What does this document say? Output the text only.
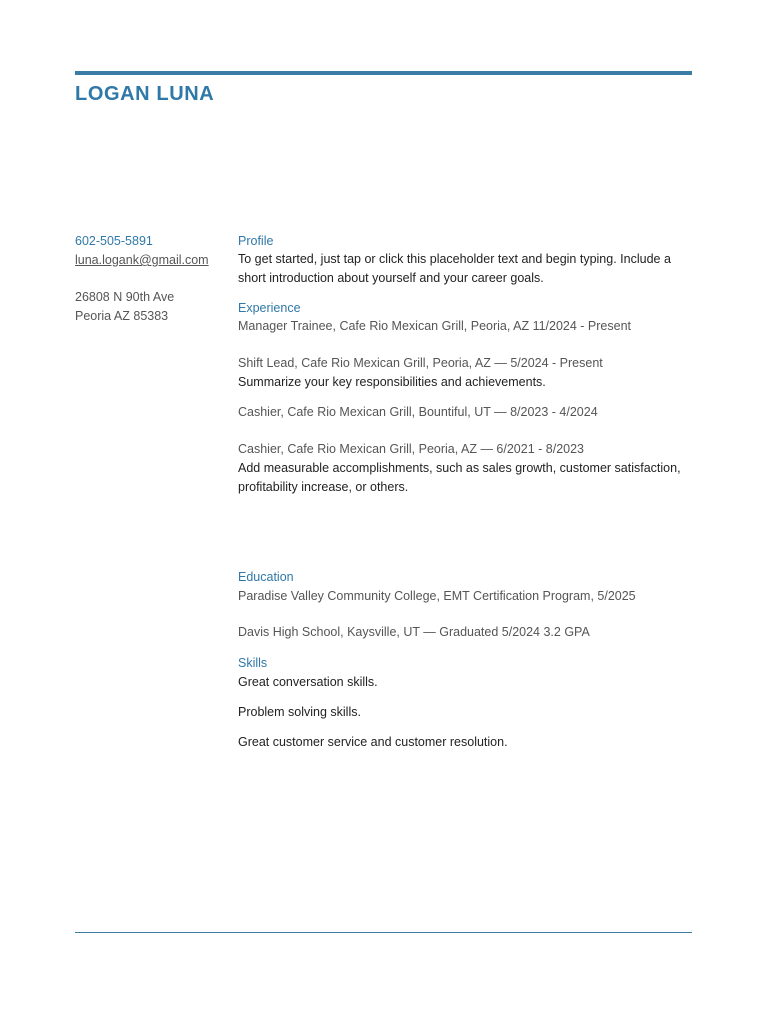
LOGAN LUNA
602-505-5891
luna.logank@gmail.com
26808 N 90th Ave
Peoria AZ 85383
Profile
To get started, just tap or click this placeholder text and begin typing. Include a short introduction about yourself and your career goals.
Experience
Manager Trainee, Cafe Rio Mexican Grill, Peoria, AZ 11/2024 - Present
Shift Lead, Cafe Rio Mexican Grill, Peoria, AZ — 5/2024 - Present
Summarize your key responsibilities and achievements.
Cashier, Cafe Rio Mexican Grill, Bountiful, UT — 8/2023 - 4/2024
Cashier, Cafe Rio Mexican Grill, Peoria, AZ — 6/2021 - 8/2023
Add measurable accomplishments, such as sales growth, customer satisfaction, profitability increase, or others.
Education
Paradise Valley Community College, EMT Certification Program, 5/2025
Davis High School, Kaysville, UT — Graduated 5/2024 3.2 GPA
Skills
Great conversation skills.
Problem solving skills.
Great customer service and customer resolution.
